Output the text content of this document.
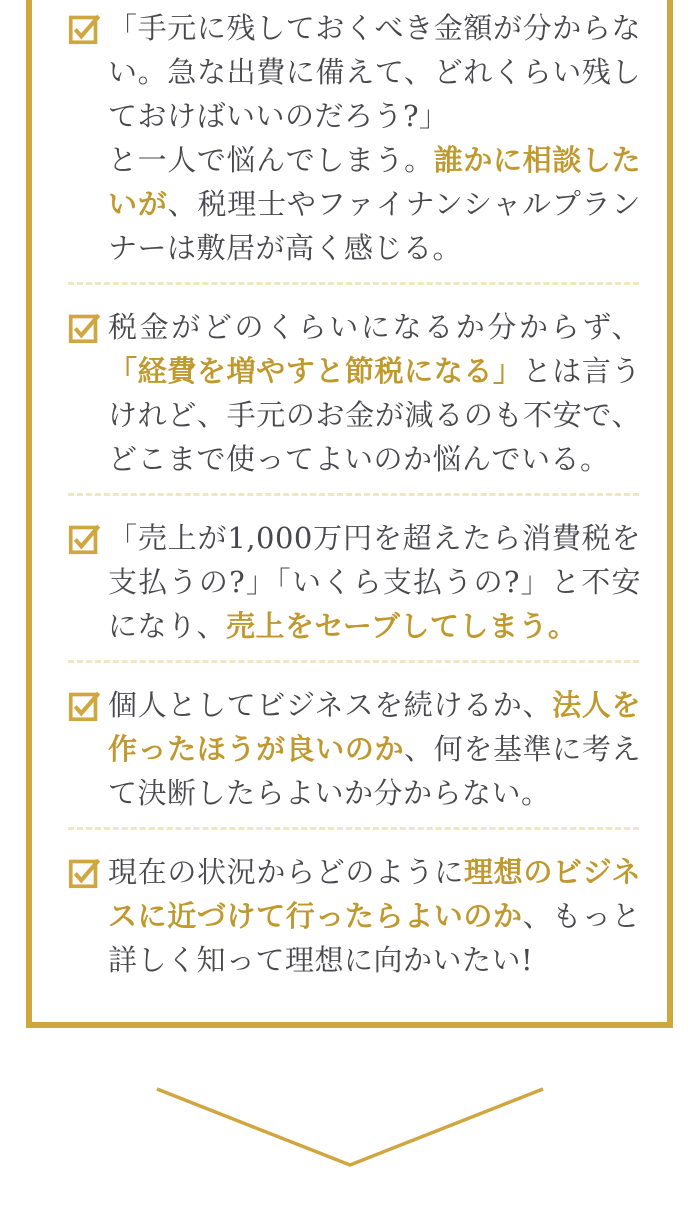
「手元に残しておくべき金額が分からない。急な出費に備えて、どれくらい残しておけばいいのだろう?」
と一人で悩んでしまう。誰かに相談したいが、税理士やファイナンシャルプランナーは敷居が高く感じる。

税金がどのくらいになるか分からず、「経費を増やすと節税になる」とは言うけれど、手元のお金が減るのも不安で、どこまで使ってよいのか悩んでいる。

「売上が1,000万円を超えたら消費税を支払うの?」「いくら支払うの?」と不安になり、売上をセーブしてしまう。

個人としてビジネスを続けるか、法人を作ったほうが良いのか、何を基準に考えて決断したらよいか分からない。

現在の状況からどのように理想のビジネスに近づけて行ったらよいのか、もっと詳しく知って理想に向かいたい!
